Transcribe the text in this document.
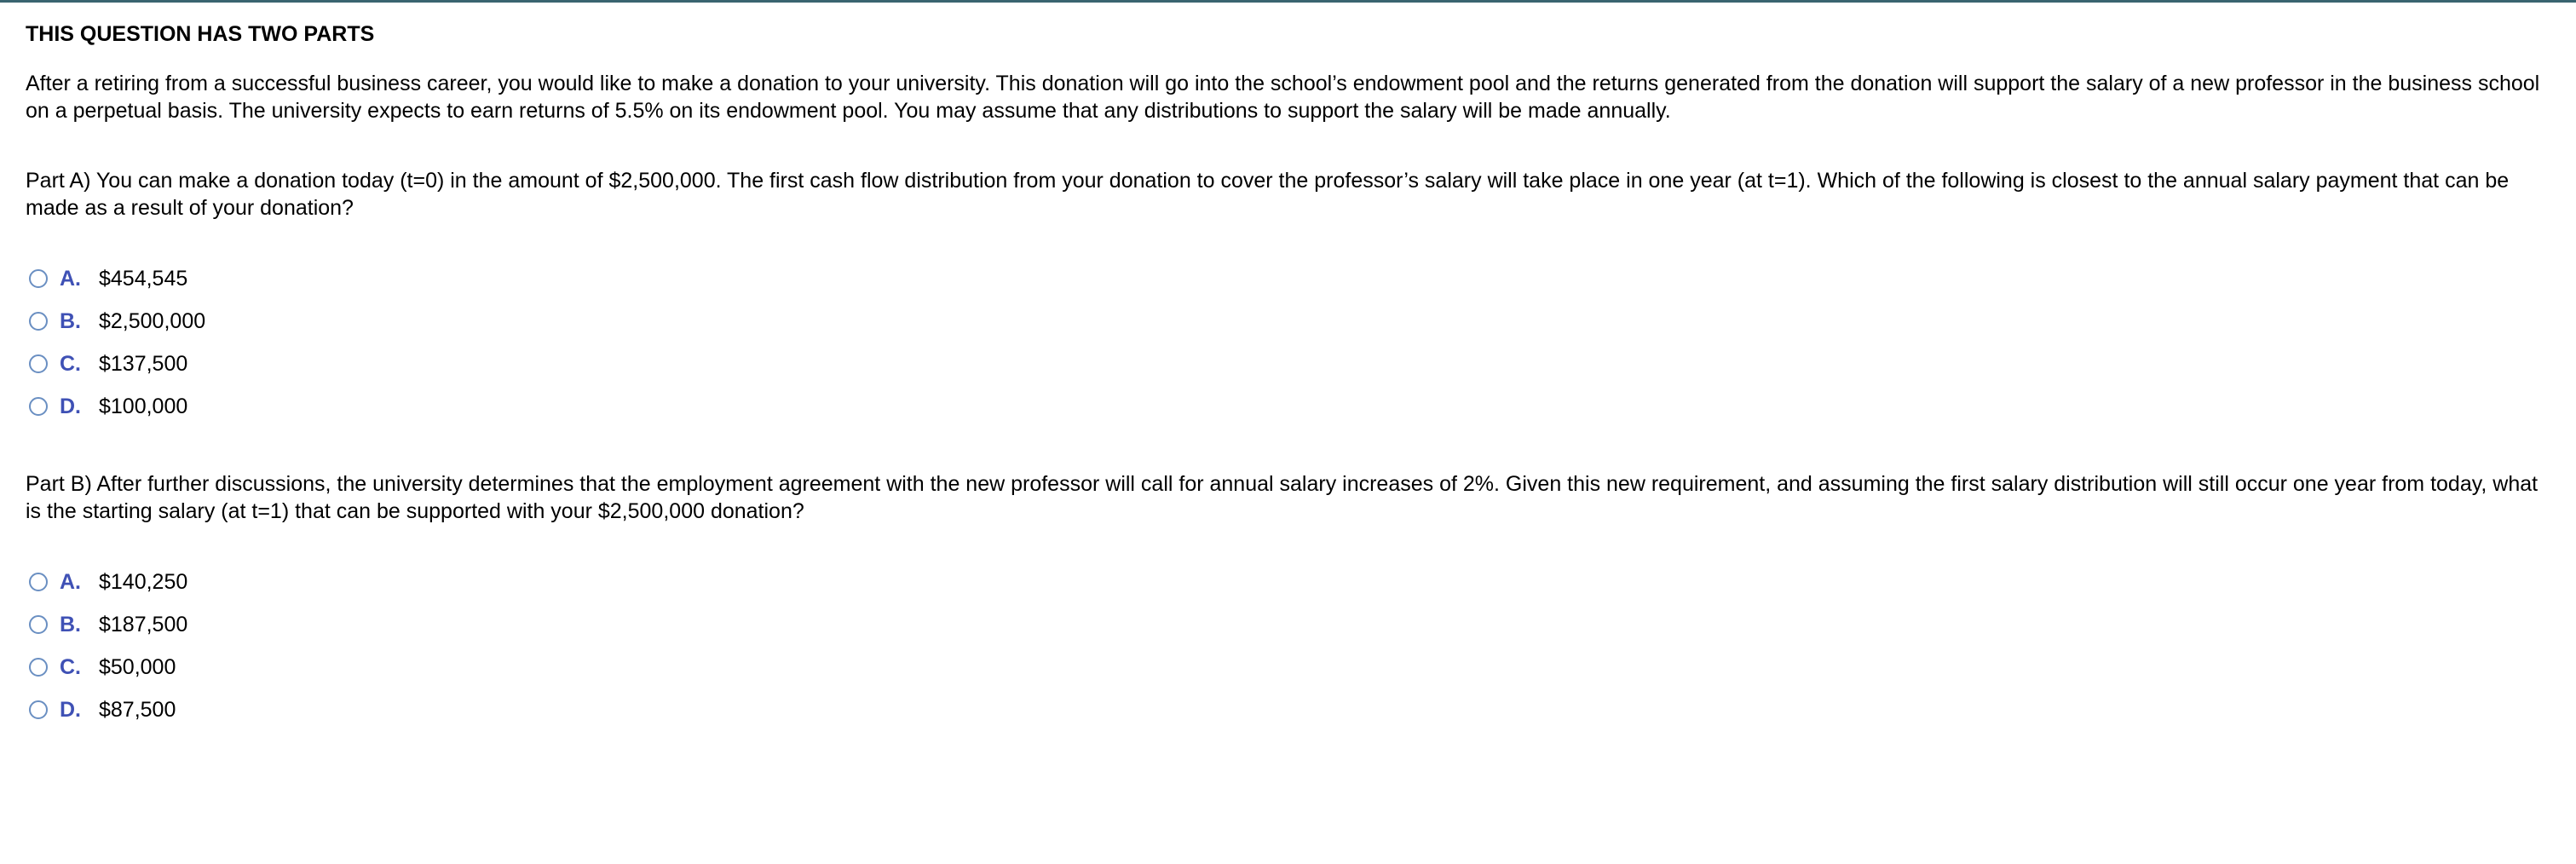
THIS QUESTION HAS TWO PARTS

After a retiring from a successful business career, you would like to make a donation to your university. This donation will go into the school’s endowment pool and the returns generated from the donation will support the salary of a new professor in the business school on a perpetual basis. The university expects to earn returns of 5.5% on its endowment pool. You may assume that any distributions to support the salary will be made annually.

Part A) You can make a donation today (t=0) in the amount of $2,500,000. The first cash flow distribution from your donation to cover the professor’s salary will take place in one year (at t=1). Which of the following is closest to the annual salary payment that can be made as a result of your donation?

A. $454,545
B. $2,500,000
C. $137,500
D. $100,000

Part B) After further discussions, the university determines that the employment agreement with the new professor will call for annual salary increases of 2%. Given this new requirement, and assuming the first salary distribution will still occur one year from today, what is the starting salary (at t=1) that can be supported with your $2,500,000 donation?

A. $140,250
B. $187,500
C. $50,000
D. $87,500
